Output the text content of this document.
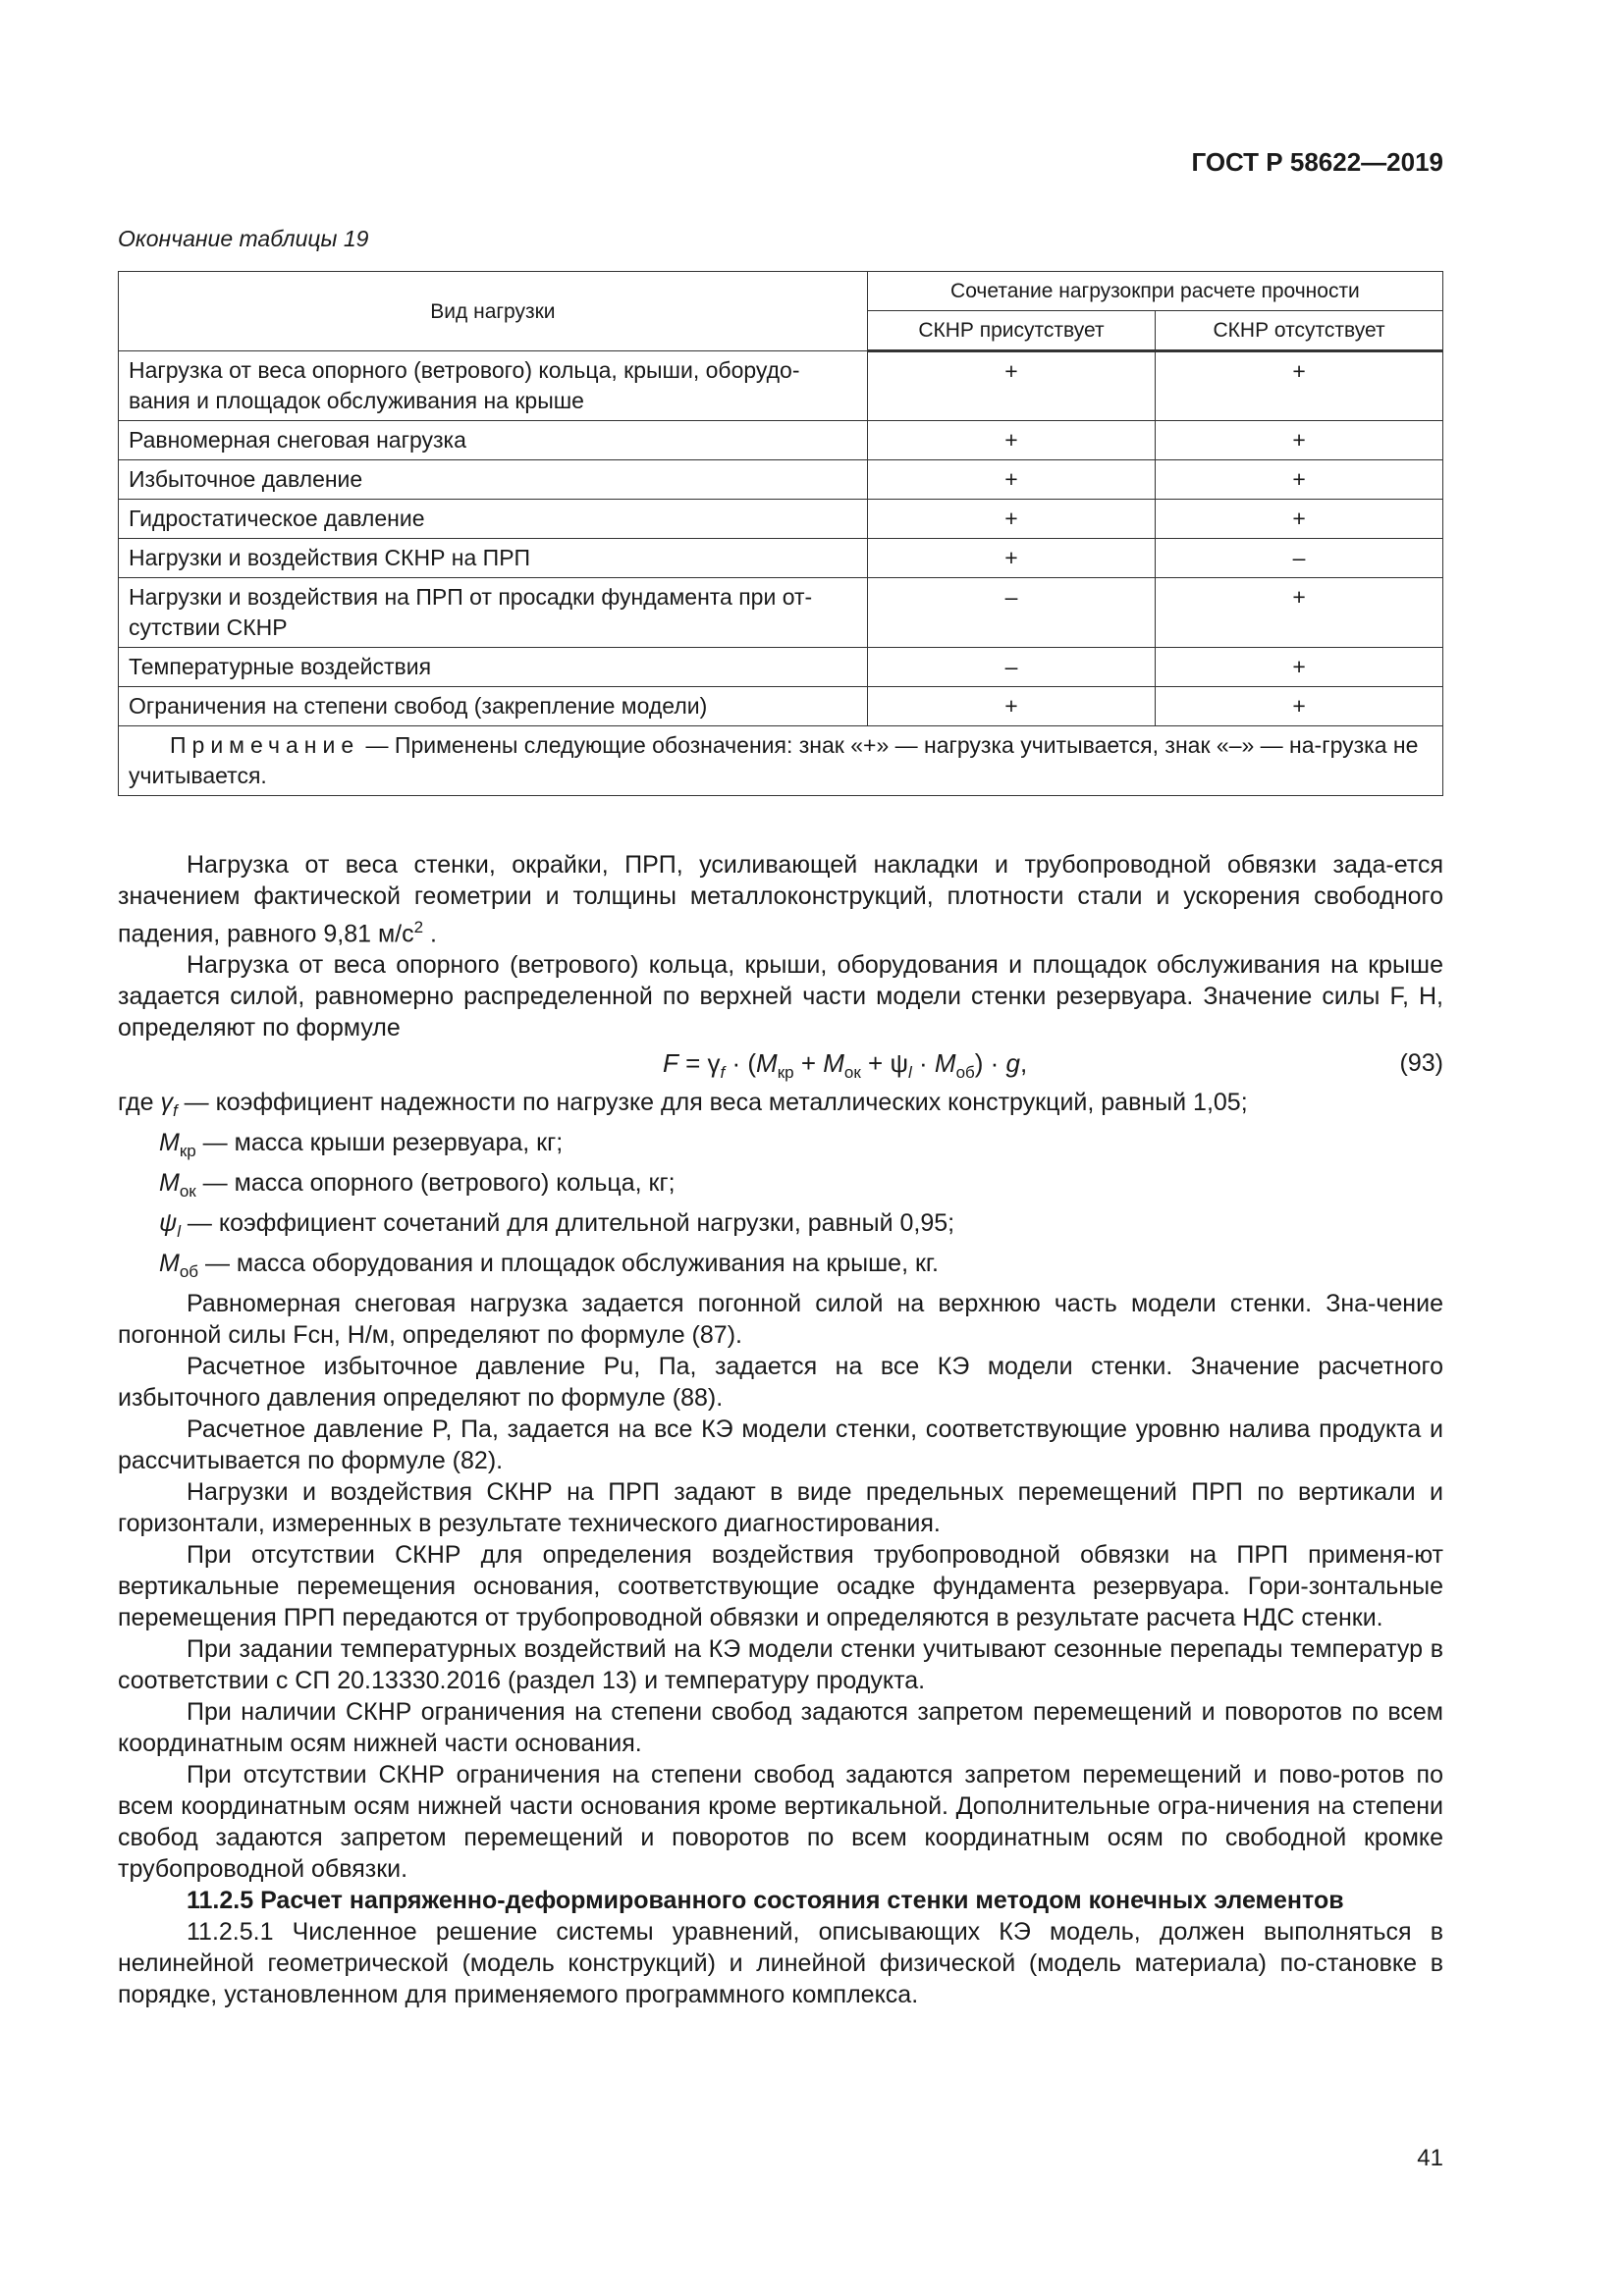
ГОСТ Р 58622—2019
Окончание таблицы 19
Вид нагрузки	Сочетание нагрузокпри расчете прочности	
	СКНР присутствует	СКНР отсутствует
Нагрузка от веса опорного (ветрового) кольца, крыши, оборудо-вания и площадок обслуживания на крыше	+	+
Равномерная снеговая нагрузка	+	+
Избыточное давление	+	+
Гидростатическое давление	+	+
Нагрузки и воздействия СКНР на ПРП	+	–
Нагрузки и воздействия на ПРП от просадки фундамента при от-сутствии СКНР	–	+
Температурные воздействия	–	+
Ограничения на степени свобод (закрепление модели)	+	+
Примечание — Применены следующие обозначения: знак «+» — нагрузка учитывается, знак «–» — на-грузка не учитывается.		

Нагрузка от веса стенки, окрайки, ПРП, усиливающей накладки и трубопроводной обвязки зада-ется значением фактической геометрии и толщины металлоконструкций, плотности стали и ускорения свободного падения, равного 9,81 $м/с^2$ .

Нагрузка от веса опорного (ветрового) кольца, крыши, оборудования и площадок обслуживания на крыше задается силой, равномерно распределенной по верхней части модели стенки резервуара. Значение силы F, Н, определяют по формуле

$F = \gamma_f \cdot (M_{кр} + M_{ок} + \psi_l \cdot M_{об}) \cdot g$,	(93)

где $\gamma_f$ — коэффициент надежности по нагрузке для веса металлических конструкций, равный 1,05;

$M_{кр}$ — масса крыши резервуара, кг;

$M_{ок}$ — масса опорного (ветрового) кольца, кг;

$\psi_l$ — коэффициент сочетаний для длительной нагрузки, равный 0,95;

$M_{об}$ — масса оборудования и площадок обслуживания на крыше, кг.

Равномерная снеговая нагрузка задается погонной силой на верхнюю часть модели стенки. Зна-чение погонной силы Fсн, Н/м, определяют по формуле (87).

Расчетное избыточное давление Pu, Па, задается на все КЭ модели стенки. Значение расчетного избыточного давления определяют по формуле (88).

Расчетное давление P, Па, задается на все КЭ модели стенки, соответствующие уровню налива продукта и рассчитывается по формуле (82).

Нагрузки и воздействия СКНР на ПРП задают в виде предельных перемещений ПРП по вертикали и горизонтали, измеренных в результате технического диагностирования.

При отсутствии СКНР для определения воздействия трубопроводной обвязки на ПРП применя-ют вертикальные перемещения основания, соответствующие осадке фундамента резервуара. Гори-зонтальные перемещения ПРП передаются от трубопроводной обвязки и определяются в результате расчета НДС стенки.

При задании температурных воздействий на КЭ модели стенки учитывают сезонные перепады температур в соответствии с СП 20.13330.2016 (раздел 13) и температуру продукта.

При наличии СКНР ограничения на степени свобод задаются запретом перемещений и поворотов по всем координатным осям нижней части основания.

При отсутствии СКНР ограничения на степени свобод задаются запретом перемещений и пово-ротов по всем координатным осям нижней части основания кроме вертикальной. Дополнительные огра-ничения на степени свобод задаются запретом перемещений и поворотов по всем координатным осям по свободной кромке трубопроводной обвязки.

11.2.5 Расчет напряженно-деформированного состояния стенки методом конечных элементов

11.2.5.1 Численное решение системы уравнений, описывающих КЭ модель, должен выполняться в нелинейной геометрической (модель конструкций) и линейной физической (модель материала) по-становке в порядке, установленном для применяемого программного комплекса.

41
